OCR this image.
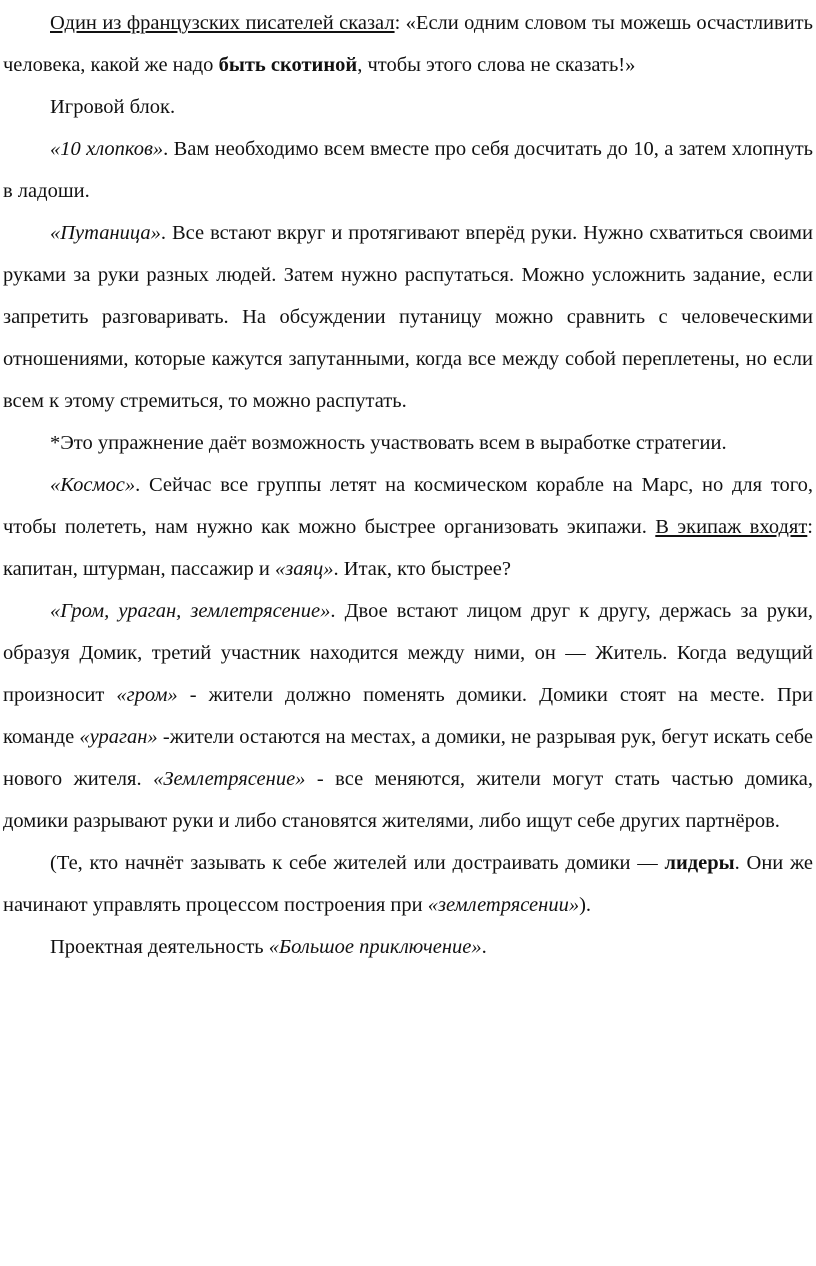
Один из французских писателей сказал: «Если одним словом ты можешь осчастливить человека, какой же надо быть скотиной, чтобы этого слова не сказать!»

Игровой блок.

«10 хлопков». Вам необходимо всем вместе про себя досчитать до 10, а затем хлопнуть в ладоши.

«Путаница». Все встают вкруг и протягивают вперёд руки. Нужно схватиться своими руками за руки разных людей. Затем нужно распутаться. Можно усложнить задание, если запретить разговаривать. На обсуждении путаницу можно сравнить с человеческими отношениями, которые кажутся запутанными, когда все между собой переплетены, но если всем к этому стремиться, то можно распутать.

*Это упражнение даёт возможность участвовать всем в выработке стратегии.

«Космос». Сейчас все группы летят на космическом корабле на Марс, но для того, чтобы полететь, нам нужно как можно быстрее организовать экипажи. В экипаж входят: капитан, штурман, пассажир и «заяц». Итак, кто быстрее?

«Гром, ураган, землетрясение». Двое встают лицом друг к другу, держась за руки, образуя Домик, третий участник находится между ними, он — Житель. Когда ведущий произносит «гром» - жители должно поменять домики. Домики стоят на месте. При команде «ураган» -жители остаются на местах, а домики, не разрывая рук, бегут искать себе нового жителя. «Землетрясение» - все меняются, жители могут стать частью домика, домики разрывают руки и либо становятся жителями, либо ищут себе других партнёров.

(Те, кто начнёт зазывать к себе жителей или достраивать домики — лидеры. Они же начинают управлять процессом построения при «землетрясении»).

Проектная деятельность «Большое приключение».
